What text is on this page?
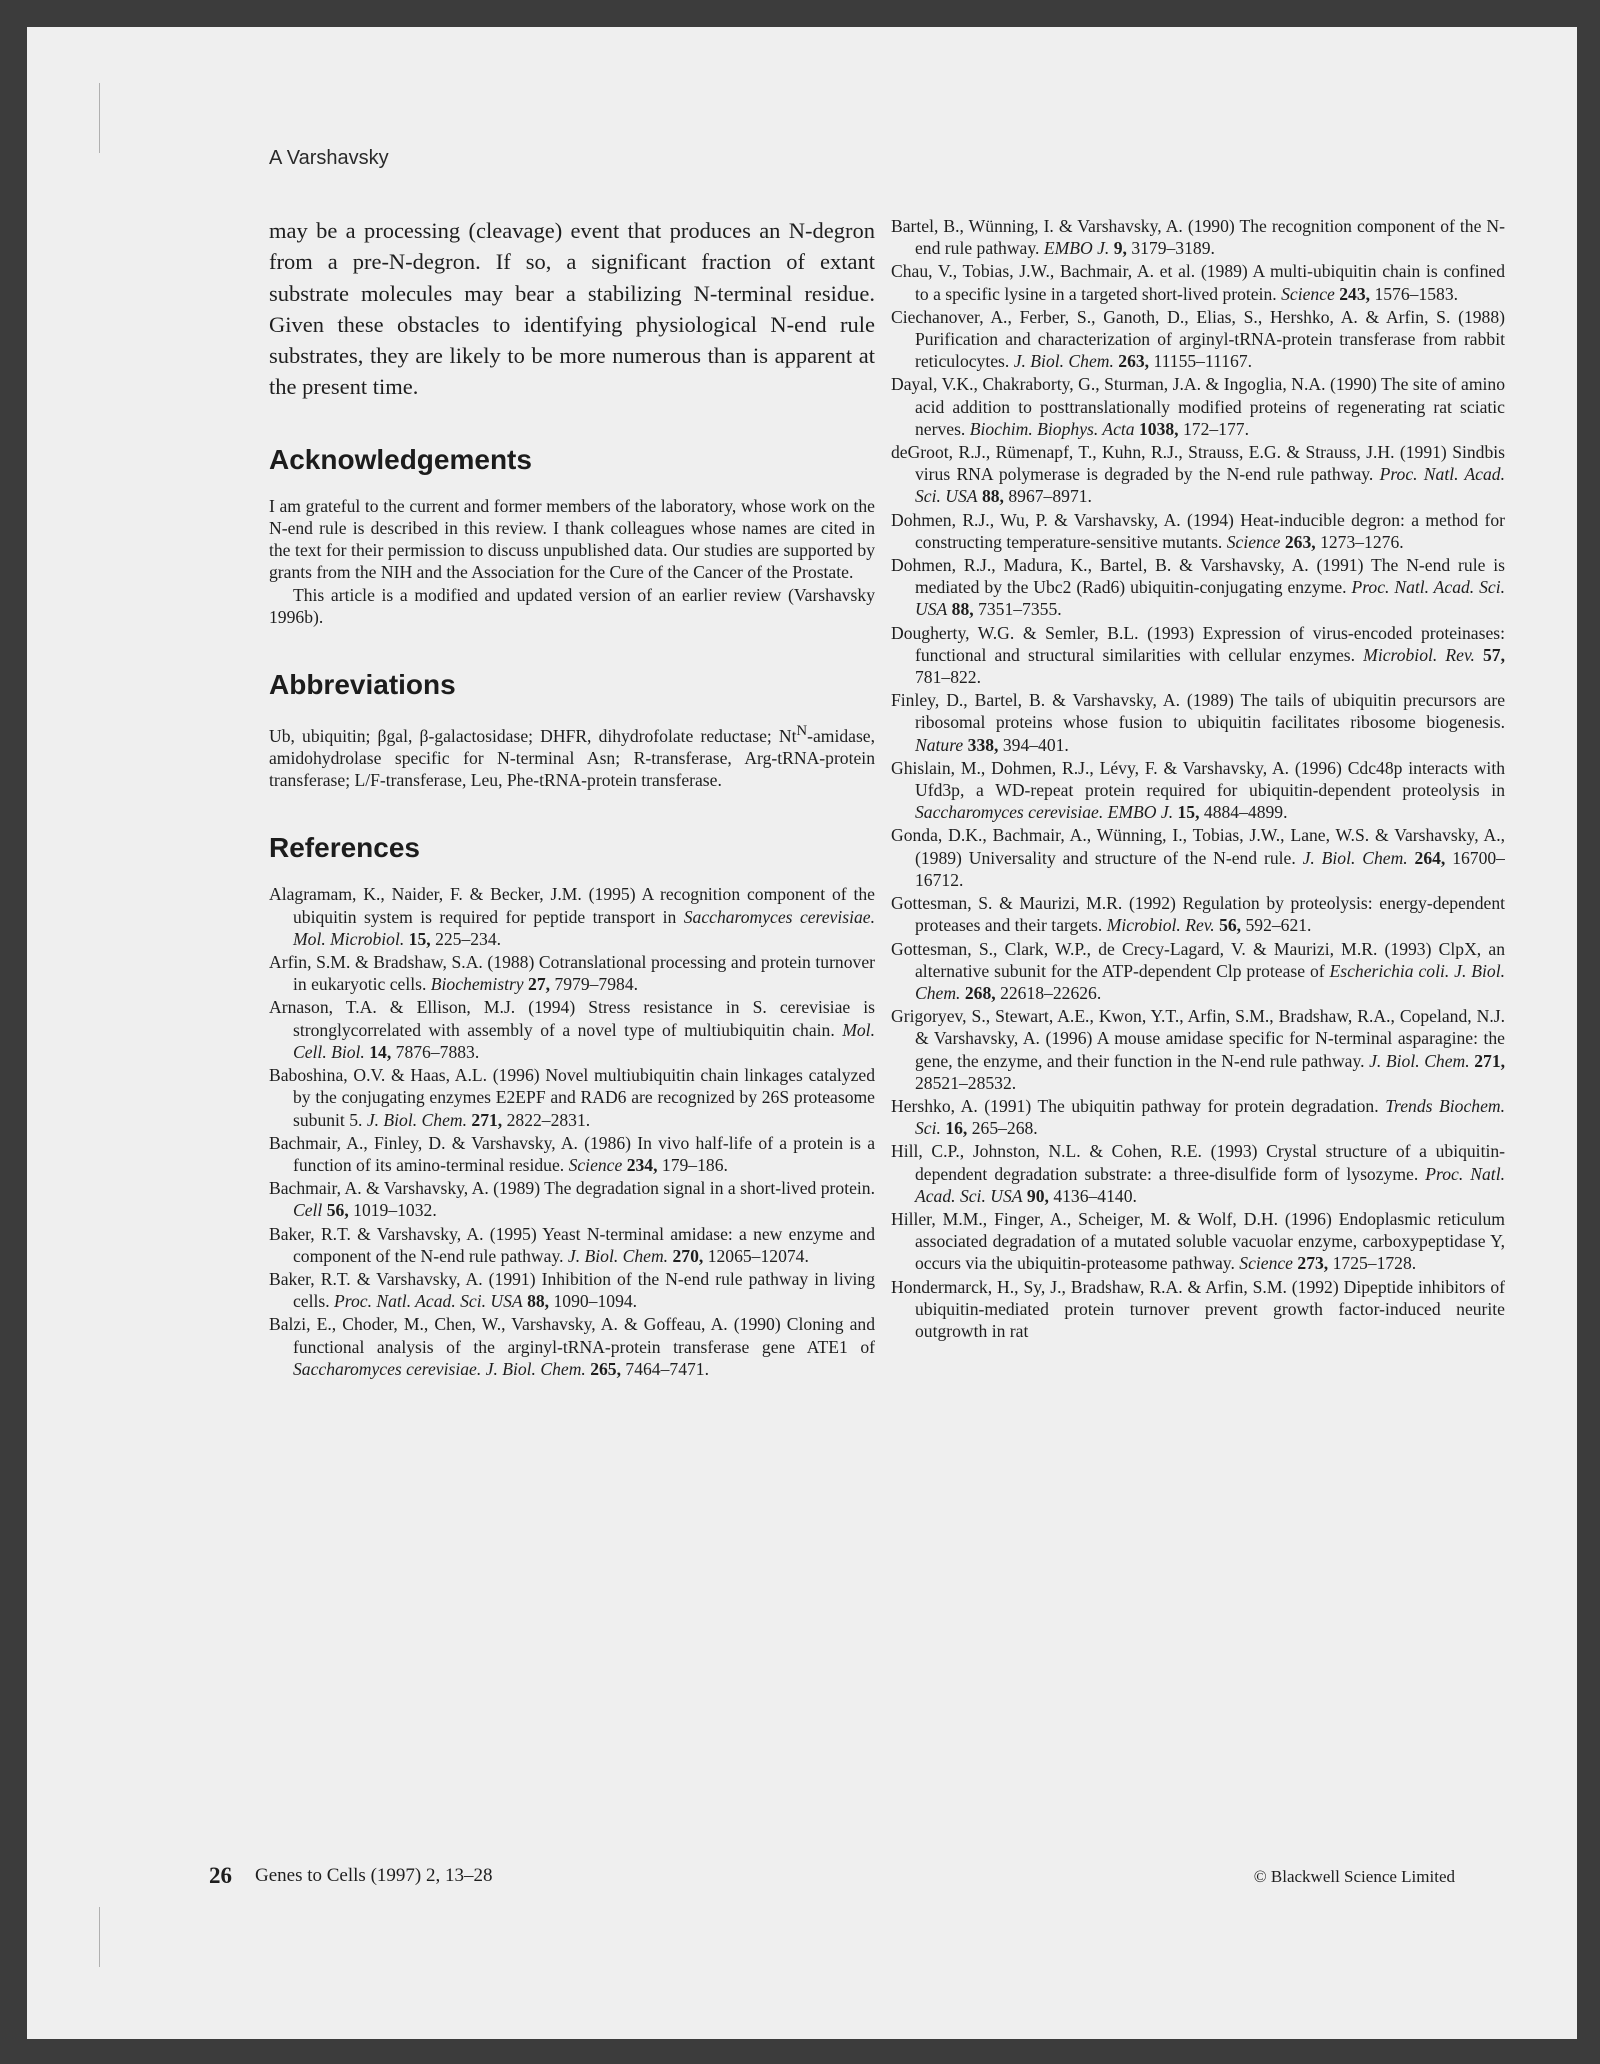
A Varshavsky

may be a processing (cleavage) event that produces an N-degron from a pre-N-degron. If so, a significant fraction of extant substrate molecules may bear a stabilizing N-terminal residue. Given these obstacles to identifying physiological N-end rule substrates, they are likely to be more numerous than is apparent at the present time.

Acknowledgements

I am grateful to the current and former members of the laboratory, whose work on the N-end rule is described in this review. I thank colleagues whose names are cited in the text for their permission to discuss unpublished data. Our studies are supported by grants from the NIH and the Association for the Cure of the Cancer of the Prostate.

This article is a modified and updated version of an earlier review (Varshavsky 1996b).

Abbreviations

Ub, ubiquitin; βgal, β-galactosidase; DHFR, dihydrofolate reductase; $Nt^N$-amidase, amidohydrolase specific for N-terminal Asn; R-transferase, Arg-tRNA-protein transferase; L/F-transferase, Leu, Phe-tRNA-protein transferase.

References
Alagramam, K., Naider, F. & Becker, J.M. (1995) A recognition component of the ubiquitin system is required for peptide transport in Saccharomyces cerevisiae. Mol. Microbiol. 15, 225–234.
Arfin, S.M. & Bradshaw, S.A. (1988) Cotranslational processing and protein turnover in eukaryotic cells. Biochemistry 27, 7979–7984.
Arnason, T.A. & Ellison, M.J. (1994) Stress resistance in S. cerevisiae is stronglycorrelated with assembly of a novel type of multiubiquitin chain. Mol. Cell. Biol. 14, 7876–7883.
Baboshina, O.V. & Haas, A.L. (1996) Novel multiubiquitin chain linkages catalyzed by the conjugating enzymes E2EPF and RAD6 are recognized by 26S proteasome subunit 5. J. Biol. Chem. 271, 2822–2831.
Bachmair, A., Finley, D. & Varshavsky, A. (1986) In vivo half-life of a protein is a function of its amino-terminal residue. Science 234, 179–186.
Bachmair, A. & Varshavsky, A. (1989) The degradation signal in a short-lived protein. Cell 56, 1019–1032.
Baker, R.T. & Varshavsky, A. (1995) Yeast N-terminal amidase: a new enzyme and component of the N-end rule pathway. J. Biol. Chem. 270, 12065–12074.
Baker, R.T. & Varshavsky, A. (1991) Inhibition of the N-end rule pathway in living cells. Proc. Natl. Acad. Sci. USA 88, 1090–1094.
Balzi, E., Choder, M., Chen, W., Varshavsky, A. & Goffeau, A. (1990) Cloning and functional analysis of the arginyl-tRNA-protein transferase gene ATE1 of Saccharomyces cerevisiae. J. Biol. Chem. 265, 7464–7471.
Bartel, B., Wünning, I. & Varshavsky, A. (1990) The recognition component of the N-end rule pathway. EMBO J. 9, 3179–3189.
Chau, V., Tobias, J.W., Bachmair, A. et al. (1989) A multi-ubiquitin chain is confined to a specific lysine in a targeted short-lived protein. Science 243, 1576–1583.
Ciechanover, A., Ferber, S., Ganoth, D., Elias, S., Hershko, A. & Arfin, S. (1988) Purification and characterization of arginyl-tRNA-protein transferase from rabbit reticulocytes. J. Biol. Chem. 263, 11155–11167.
Dayal, V.K., Chakraborty, G., Sturman, J.A. & Ingoglia, N.A. (1990) The site of amino acid addition to posttranslationally modified proteins of regenerating rat sciatic nerves. Biochim. Biophys. Acta 1038, 172–177.
deGroot, R.J., Rümenapf, T., Kuhn, R.J., Strauss, E.G. & Strauss, J.H. (1991) Sindbis virus RNA polymerase is degraded by the N-end rule pathway. Proc. Natl. Acad. Sci. USA 88, 8967–8971.
Dohmen, R.J., Wu, P. & Varshavsky, A. (1994) Heat-inducible degron: a method for constructing temperature-sensitive mutants. Science 263, 1273–1276.
Dohmen, R.J., Madura, K., Bartel, B. & Varshavsky, A. (1991) The N-end rule is mediated by the Ubc2 (Rad6) ubiquitin-conjugating enzyme. Proc. Natl. Acad. Sci. USA 88, 7351–7355.
Dougherty, W.G. & Semler, B.L. (1993) Expression of virus-encoded proteinases: functional and structural similarities with cellular enzymes. Microbiol. Rev. 57, 781–822.
Finley, D., Bartel, B. & Varshavsky, A. (1989) The tails of ubiquitin precursors are ribosomal proteins whose fusion to ubiquitin facilitates ribosome biogenesis. Nature 338, 394–401.
Ghislain, M., Dohmen, R.J., Lévy, F. & Varshavsky, A. (1996) Cdc48p interacts with Ufd3p, a WD-repeat protein required for ubiquitin-dependent proteolysis in Saccharomyces cerevisiae. EMBO J. 15, 4884–4899.
Gonda, D.K., Bachmair, A., Wünning, I., Tobias, J.W., Lane, W.S. & Varshavsky, A., (1989) Universality and structure of the N-end rule. J. Biol. Chem. 264, 16700–16712.
Gottesman, S. & Maurizi, M.R. (1992) Regulation by proteolysis: energy-dependent proteases and their targets. Microbiol. Rev. 56, 592–621.
Gottesman, S., Clark, W.P., de Crecy-Lagard, V. & Maurizi, M.R. (1993) ClpX, an alternative subunit for the ATP-dependent Clp protease of Escherichia coli. J. Biol. Chem. 268, 22618–22626.
Grigoryev, S., Stewart, A.E., Kwon, Y.T., Arfin, S.M., Bradshaw, R.A., Copeland, N.J. & Varshavsky, A. (1996) A mouse amidase specific for N-terminal asparagine: the gene, the enzyme, and their function in the N-end rule pathway. J. Biol. Chem. 271, 28521–28532.
Hershko, A. (1991) The ubiquitin pathway for protein degradation. Trends Biochem. Sci. 16, 265–268.
Hill, C.P., Johnston, N.L. & Cohen, R.E. (1993) Crystal structure of a ubiquitin- dependent degradation substrate: a three-disulfide form of lysozyme. Proc. Natl. Acad. Sci. USA 90, 4136–4140.
Hiller, M.M., Finger, A., Scheiger, M. & Wolf, D.H. (1996) Endoplasmic reticulum associated degradation of a mutated soluble vacuolar enzyme, carboxypeptidase Y, occurs via the ubiquitin-proteasome pathway. Science 273, 1725–1728.
Hondermarck, H., Sy, J., Bradshaw, R.A. & Arfin, S.M. (1992) Dipeptide inhibitors of ubiquitin-mediated protein turnover prevent growth factor-induced neurite outgrowth in rat
26 Genes to Cells (1997) 2, 13–28	© Blackwell Science Limited
